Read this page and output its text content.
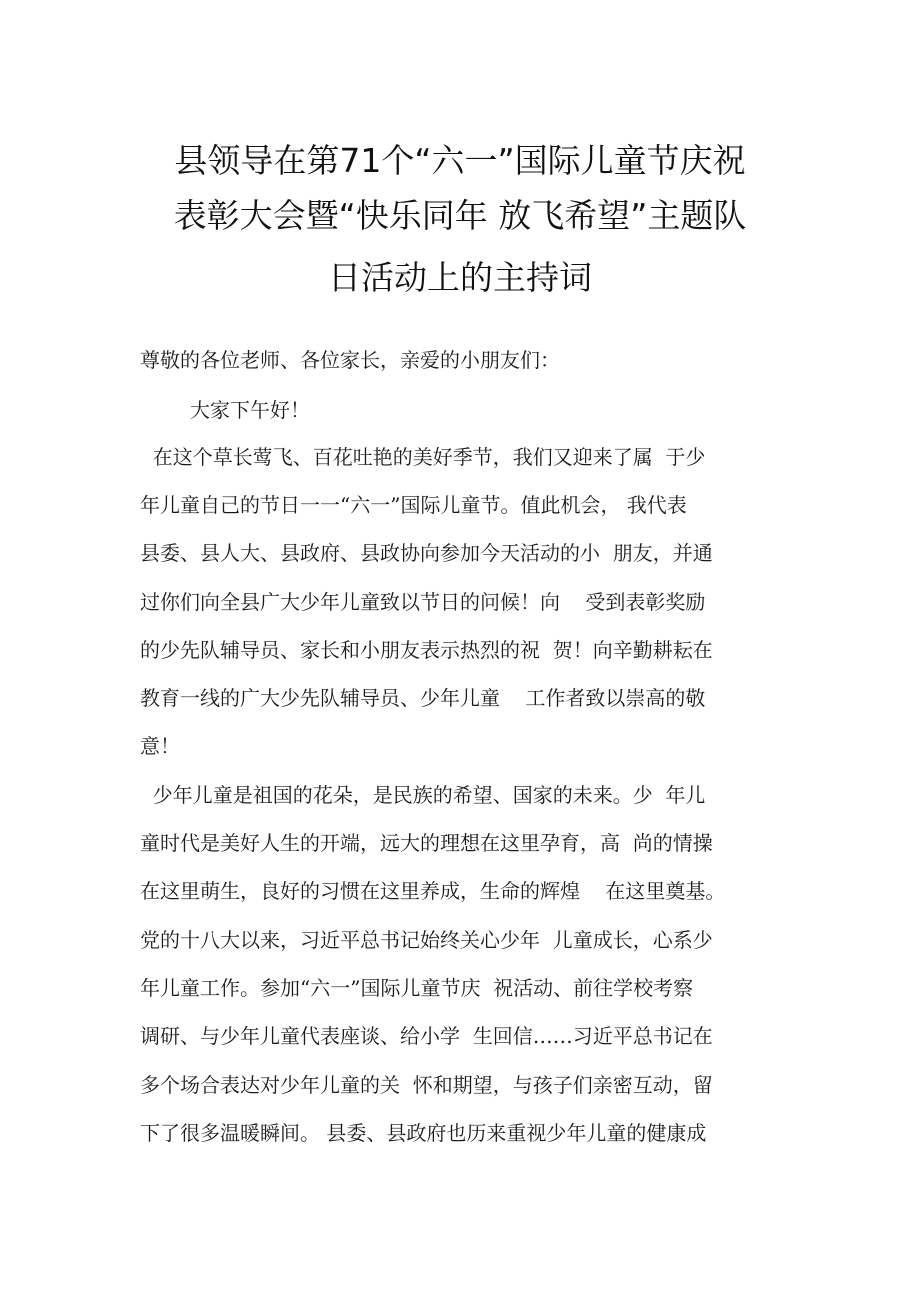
县领导在第71个“六一”国际儿童节庆祝
表彰大会暨“快乐同年 放飞希望”主题队
日活动上的主持词

尊敬的各位老师、各位家长，亲爱的小朋友们：

大家下午好！

在这个草长莺飞、百花吐艳的美好季节，我们又迎来了属  于少

年儿童自己的节日一一“六一”国际儿童节。值此机会， 我代表

县委、县人大、县政府、县政协向参加今天活动的小  朋友，并通

过你们向全县广大少年儿童致以节日的问候！向    受到表彰奖励

的少先队辅导员、家长和小朋友表示热烈的祝  贺！向辛勤耕耘在

教育一线的广大少先队辅导员、少年儿童    工作者致以崇高的敬

意！

少年儿童是祖国的花朵，是民族的希望、国家的未来。少  年儿

童时代是美好人生的开端，远大的理想在这里孕育，高  尚的情操

在这里萌生，良好的习惯在这里养成，生命的辉煌    在这里奠基。

党的十八大以来，习近平总书记始终关心少年  儿童成长，心系少

年儿童工作。参加“六一”国际儿童节庆  祝活动、前往学校考察

调研、与少年儿童代表座谈、给小学  生回信……习近平总书记在

多个场合表达对少年儿童的关  怀和期望，与孩子们亲密互动，留

下了很多温暖瞬间。 县委、县政府也历来重视少年儿童的健康成
